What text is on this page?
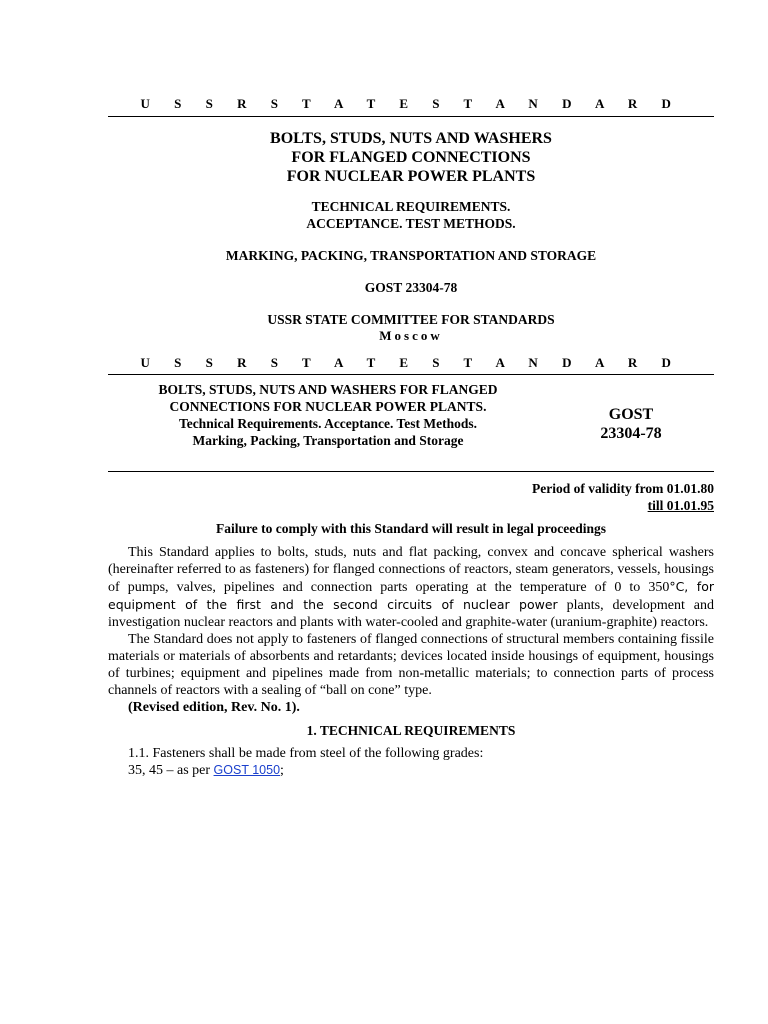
U S S R S T A T E S T A N D A R D
BOLTS, STUDS, NUTS AND WASHERS
FOR FLANGED CONNECTIONS
FOR NUCLEAR POWER PLANTS
TECHNICAL REQUIREMENTS.
ACCEPTANCE. TEST METHODS.
MARKING, PACKING, TRANSPORTATION AND STORAGE
GOST 23304-78
USSR STATE COMMITTEE FOR STANDARDS
Moscow
U S S R S T A T E S T A N D A R D
BOLTS, STUDS, NUTS AND WASHERS FOR FLANGED
CONNECTIONS FOR NUCLEAR POWER PLANTS.
Technical Requirements. Acceptance. Test Methods.
Marking, Packing, Transportation and Storage
GOST
23304-78
Period of validity from 01.01.80
till 01.01.95
Failure to comply with this Standard will result in legal proceedings

This Standard applies to bolts, studs, nuts and flat packing, convex and concave spherical washers (hereinafter referred to as fasteners) for flanged connections of reactors, steam generators, vessels, housings of pumps, valves, pipelines and connection parts operating at the temperature of 0 to 350°C, for equipment of the first and the second circuits of nuclear power plants, development and investigation nuclear reactors and plants with water-cooled and graphite-water (uranium-graphite) reactors.

The Standard does not apply to fasteners of flanged connections of structural members containing fissile materials or materials of absorbents and retardants; devices located inside housings of equipment, housings of turbines; equipment and pipelines made from non-metallic materials; to connection parts of process channels of reactors with a sealing of “ball on cone” type.

(Revised edition, Rev. No. 1).

1. TECHNICAL REQUIREMENTS

1.1. Fasteners shall be made from steel of the following grades:

35, 45 – as per GOST 1050;
